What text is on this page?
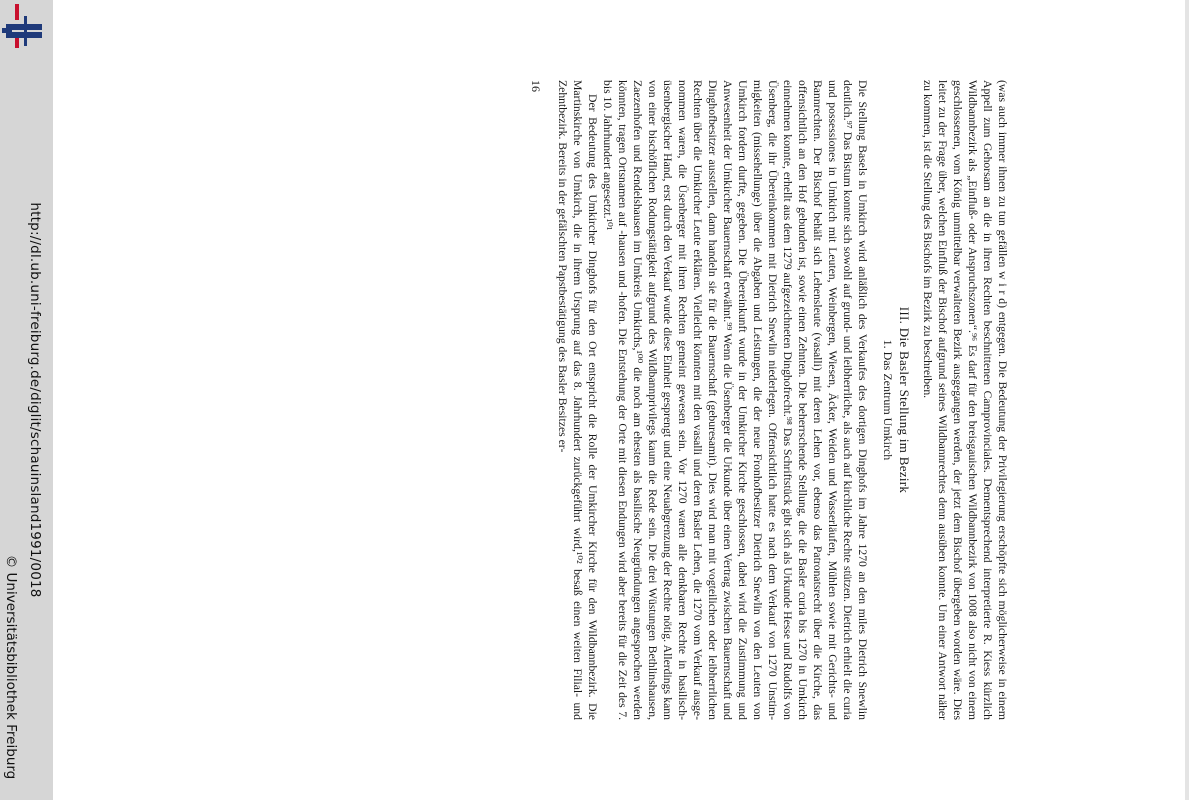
http://dl.ub.uni-freiburg.de/diglit/schauinsland1991/0018
© Universitätsbibliothek Freiburg	(was auch immer ihnen zu tun gefällen w i r d) entgegen. Die Bedeutung der Privilegierung erschöpfte sich möglicherweise in einem Appell zum Gehorsam an die in ihren Rechten beschnittenen Camprovinciales. Dementsprechend interpretierte R. Kiess kürzlich Wildbannbezirk als „Einfluß- oder Anspruchszonen“.⁹⁶ Es darf für den breisgauischen Wildbannbezirk von 1008 also nicht von einem geschlossenen, vom König unmittelbar verwalteten Bezirk ausgegangen werden, der jetzt dem Bischof übergeben worden wäre. Dies leitet zu der Frage über, welchen Einfluß der Bischof aufgrund seines Wildbannrechtes denn ausüben konnte. Um einer Antwort näher zu kommen, ist die Stellung des Bischofs im Bezirk zu beschreiben.

III. Die Basler Stellung im Bezirk
1. Das Zentrum Umkirch

Die Stellung Basels in Umkirch wird anläßlich des Verkaufes des dortigen Dinghofs im Jahre 1270 an den miles Dietrich Snewlin deutlich.⁹⁷ Das Bistum konnte sich sowohl auf grund- und leibherrliche, als auch auf kirchliche Rechte stützen. Dietrich erhielt die curia und possessiones in Umkirch mit Leuten, Weinbergen, Wiesen, Äcker, Weiden und Wasserläufen, Mühlen sowie mit Gerichts- und Bannrechten. Der Bischof behält sich Lehensleute (vasalli) mit deren Lehen vor, ebenso das Patronatsrecht über die Kirche, das offensichtlich an den Hof gebunden ist, sowie einen Zehnten. Die beherrschende Stellung, die die Basler curia bis 1270 in Umkirch einnehmen konnte, erhellt aus dem 1279 aufgezeichneten Dinghofrecht.⁹⁸ Das Schriftstück gibt sich als Urkunde Hesse und Rudolfs von Üsenberg, die ihr Übereinkommen mit Dietrich Snewlin niederlegen. Offensichtlich hatte es nach dem Verkauf von 1270 Unstimmigkeiten (missehellunge) über die Abgaben und Leistungen, die der neue Fronhofbesitzer Dietrich Snewlin von den Leuten von Umkirch fordern durfte, gegeben. Die Übereinkunft wurde in der Umkircher Kirche geschlossen, dabei wird die Zustimmung und Anwesenheit der Umkircher Bauernschaft erwähnt.⁹⁹ Wenn die Üsenberger die Urkunde über einen Vertrag zwischen Bauernschaft und Dinghofbesitzer ausstellen, dann handeln sie für die Bauernschaft (geburesamit). Dies wird man mit vogteilichen oder leibherrlichen Rechten über die Umkircher Leute erklären. Vielleicht könnten mit den vasalli und deren Basler Lehen, die 1270 vom Verkauf ausgenommen waren, die Üsenberger mit ihren Rechten gemeint gewesen sein. Vor 1270 waren alle denkbaren Rechte in basilisch-üsenbergischer Hand, erst durch den Verkauf wurde diese Einheit gesprengt und eine Neuabgrenzung der Rechte nötig. Allerdings kann von einer bischöflichen Rodungstätigkeit aufgrund des Wildbannprivilegs kaum die Rede sein. Die drei Wüstungen Bethlinshausen, Zaezenhofen und Rendelshausen im Umkreis Umkirchs,¹⁰⁰ die noch am ehesten als basilische Neugründungen angesprochen werden könnten, tragen Ortsnamen auf -hausen und -hofen. Die Entstehung der Orte mit diesen Endungen wird aber bereits für die Zeit des 7. bis 10. Jahrhundert angesetzt.¹⁰¹

Der Bedeutung des Umkircher Dinghofs für den Ort entspricht die Rolle der Umkircher Kirche für den Wildbannbezirk. Die Martinskirche von Umkirch, die in ihrem Ursprung auf das 8. Jahrhundert zurückgeführt wird,¹⁰² besaß einen weiten Filial- und Zehntbezirk. Bereits in der gefälschten Papstbestätigung des Basler Besitzes er-

16
